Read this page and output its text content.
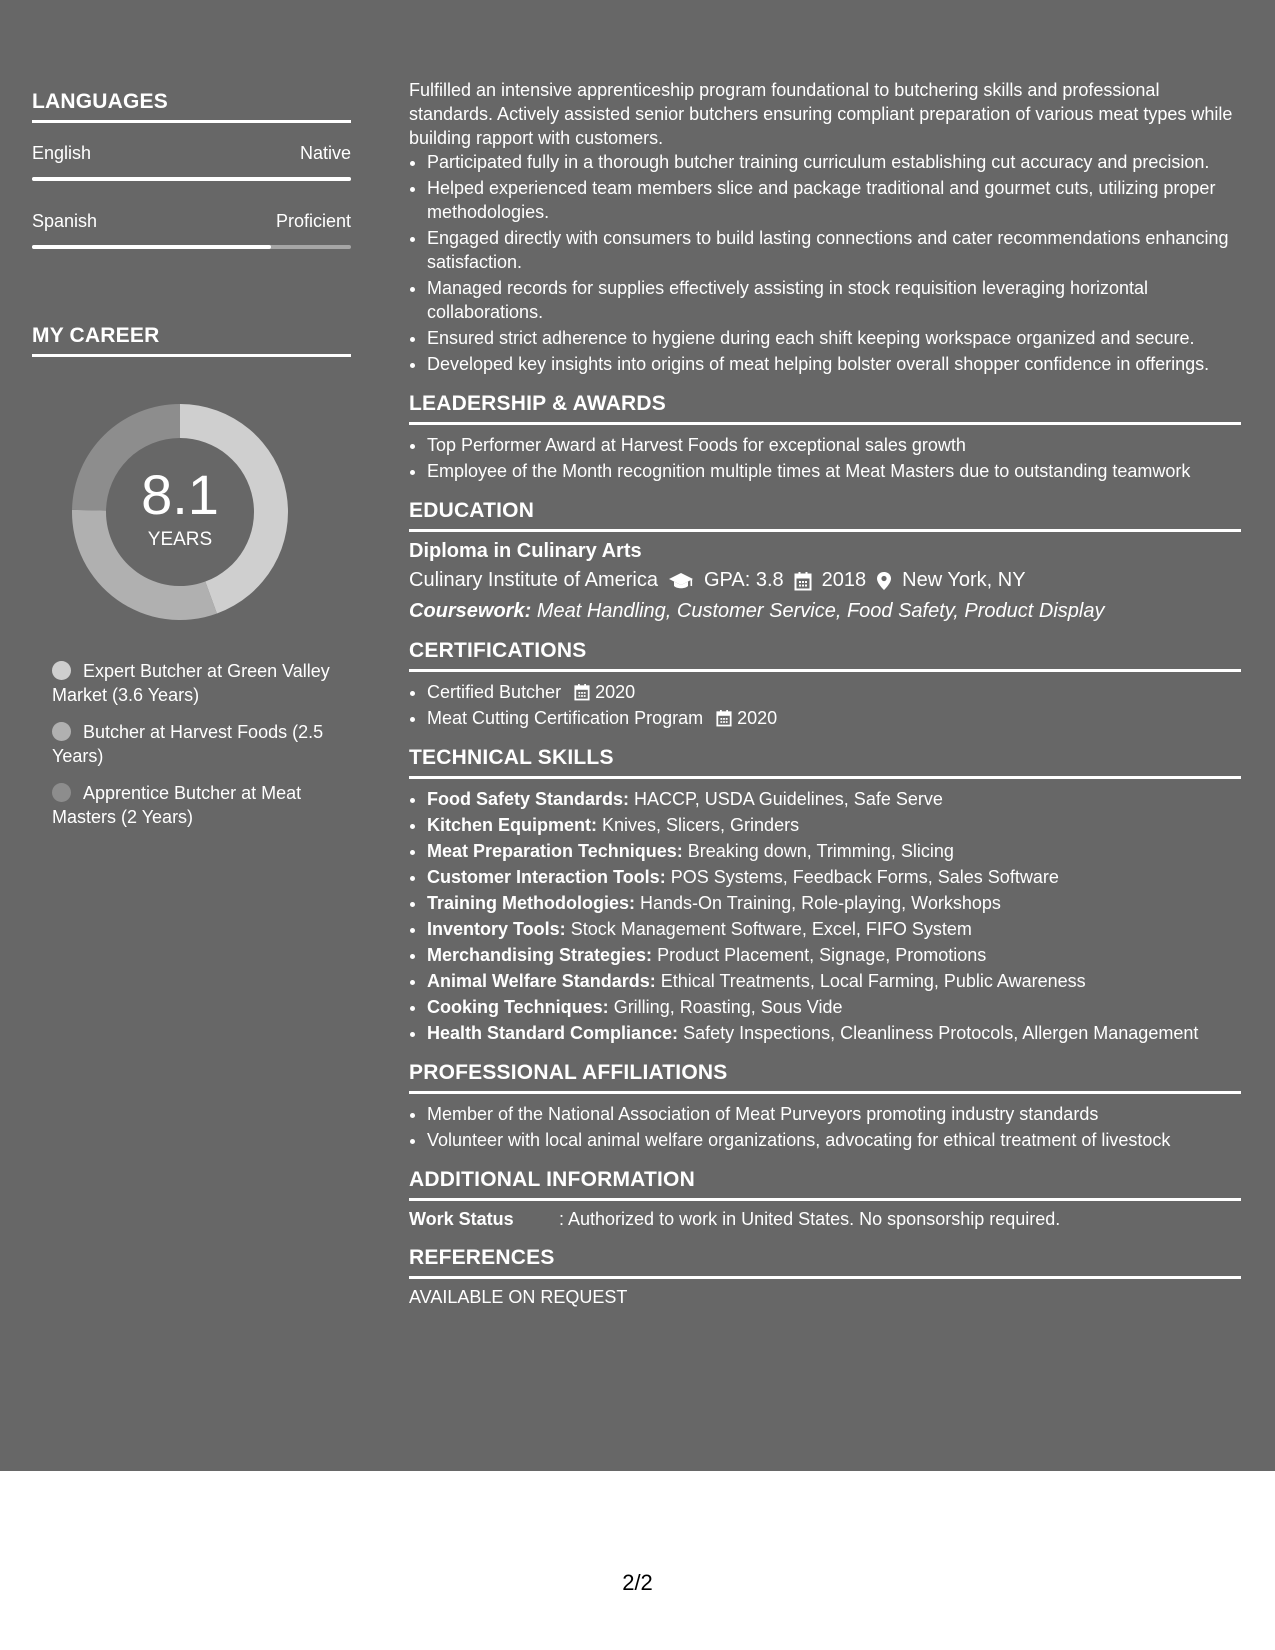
LANGUAGES
English	Native
Spanish	Proficient
MY CAREER
8.1
YEARS
Expert Butcher at Green Valley Market (3.6 Years)
Butcher at Harvest Foods (2.5 Years)
Apprentice Butcher at Meat Masters (2 Years)

Fulfilled an intensive apprenticeship program foundational to butchering skills and professional standards. Actively assisted senior butchers ensuring compliant preparation of various meat types while building rapport with customers.

• Participated fully in a thorough butcher training curriculum establishing cut accuracy and precision.
• Helped experienced team members slice and package traditional and gourmet cuts, utilizing proper methodologies.
• Engaged directly with consumers to build lasting connections and cater recommendations enhancing satisfaction.
• Managed records for supplies effectively assisting in stock requisition leveraging horizontal collaborations.
• Ensured strict adherence to hygiene during each shift keeping workspace organized and secure.
• Developed key insights into origins of meat helping bolster overall shopper confidence in offerings.
LEADERSHIP & AWARDS
• Top Performer Award at Harvest Foods for exceptional sales growth
• Employee of the Month recognition multiple times at Meat Masters due to outstanding teamwork
EDUCATION
Diploma in Culinary Arts
Culinary Institute of America GPA: 3.8 2018 New York, NY
Coursework: Meat Handling, Customer Service, Food Safety, Product Display
CERTIFICATIONS
• Certified Butcher 2020
• Meat Cutting Certification Program 2020
TECHNICAL SKILLS
• Food Safety Standards: HACCP, USDA Guidelines, Safe Serve
• Kitchen Equipment: Knives, Slicers, Grinders
• Meat Preparation Techniques: Breaking down, Trimming, Slicing
• Customer Interaction Tools: POS Systems, Feedback Forms, Sales Software
• Training Methodologies: Hands-On Training, Role-playing, Workshops
• Inventory Tools: Stock Management Software, Excel, FIFO System
• Merchandising Strategies: Product Placement, Signage, Promotions
• Animal Welfare Standards: Ethical Treatments, Local Farming, Public Awareness
• Cooking Techniques: Grilling, Roasting, Sous Vide
• Health Standard Compliance: Safety Inspections, Cleanliness Protocols, Allergen Management
PROFESSIONAL AFFILIATIONS
• Member of the National Association of Meat Purveyors promoting industry standards
• Volunteer with local animal welfare organizations, advocating for ethical treatment of livestock
ADDITIONAL INFORMATION
Work Status	: Authorized to work in United States. No sponsorship required.
REFERENCES
AVAILABLE ON REQUEST
2/2
